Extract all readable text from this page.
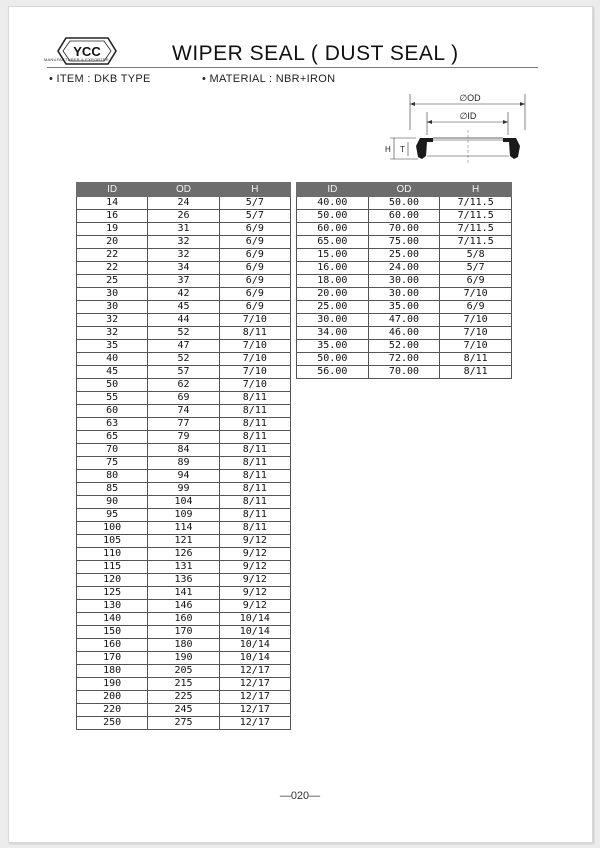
YCC
MANUFACTURER & EXPORTER	WIPER SEAL ( DUST SEAL )
• ITEM : DKB TYPE	• MATERIAL : NBR+IRON
∅OD
∅ID
H T
ID	OD	H
14	24	5/7
16	26	5/7
19	31	6/9
20	32	6/9
22	32	6/9
22	34	6/9
25	37	6/9
30	42	6/9
30	45	6/9
32	44	7/10
32	52	8/11
35	47	7/10
40	52	7/10
45	57	7/10
50	62	7/10
55	69	8/11
60	74	8/11
63	77	8/11
65	79	8/11
70	84	8/11
75	89	8/11
80	94	8/11
85	99	8/11
90	104	8/11
95	109	8/11
100	114	8/11
105	121	9/12
110	126	9/12
115	131	9/12
120	136	9/12
125	141	9/12
130	146	9/12
140	160	10/14
150	170	10/14
160	180	10/14
170	190	10/14
180	205	12/17
190	215	12/17
200	225	12/17
220	245	12/17
250	275	12/17
ID	OD	H
40.00	50.00	7/11.5
50.00	60.00	7/11.5
60.00	70.00	7/11.5
65.00	75.00	7/11.5
15.00	25.00	5/8
16.00	24.00	5/7
18.00	30.00	6/9
20.00	30.00	7/10
25.00	35.00	6/9
30.00	47.00	7/10
34.00	46.00	7/10
35.00	52.00	7/10
50.00	72.00	8/11
56.00	70.00	8/11
—020—
